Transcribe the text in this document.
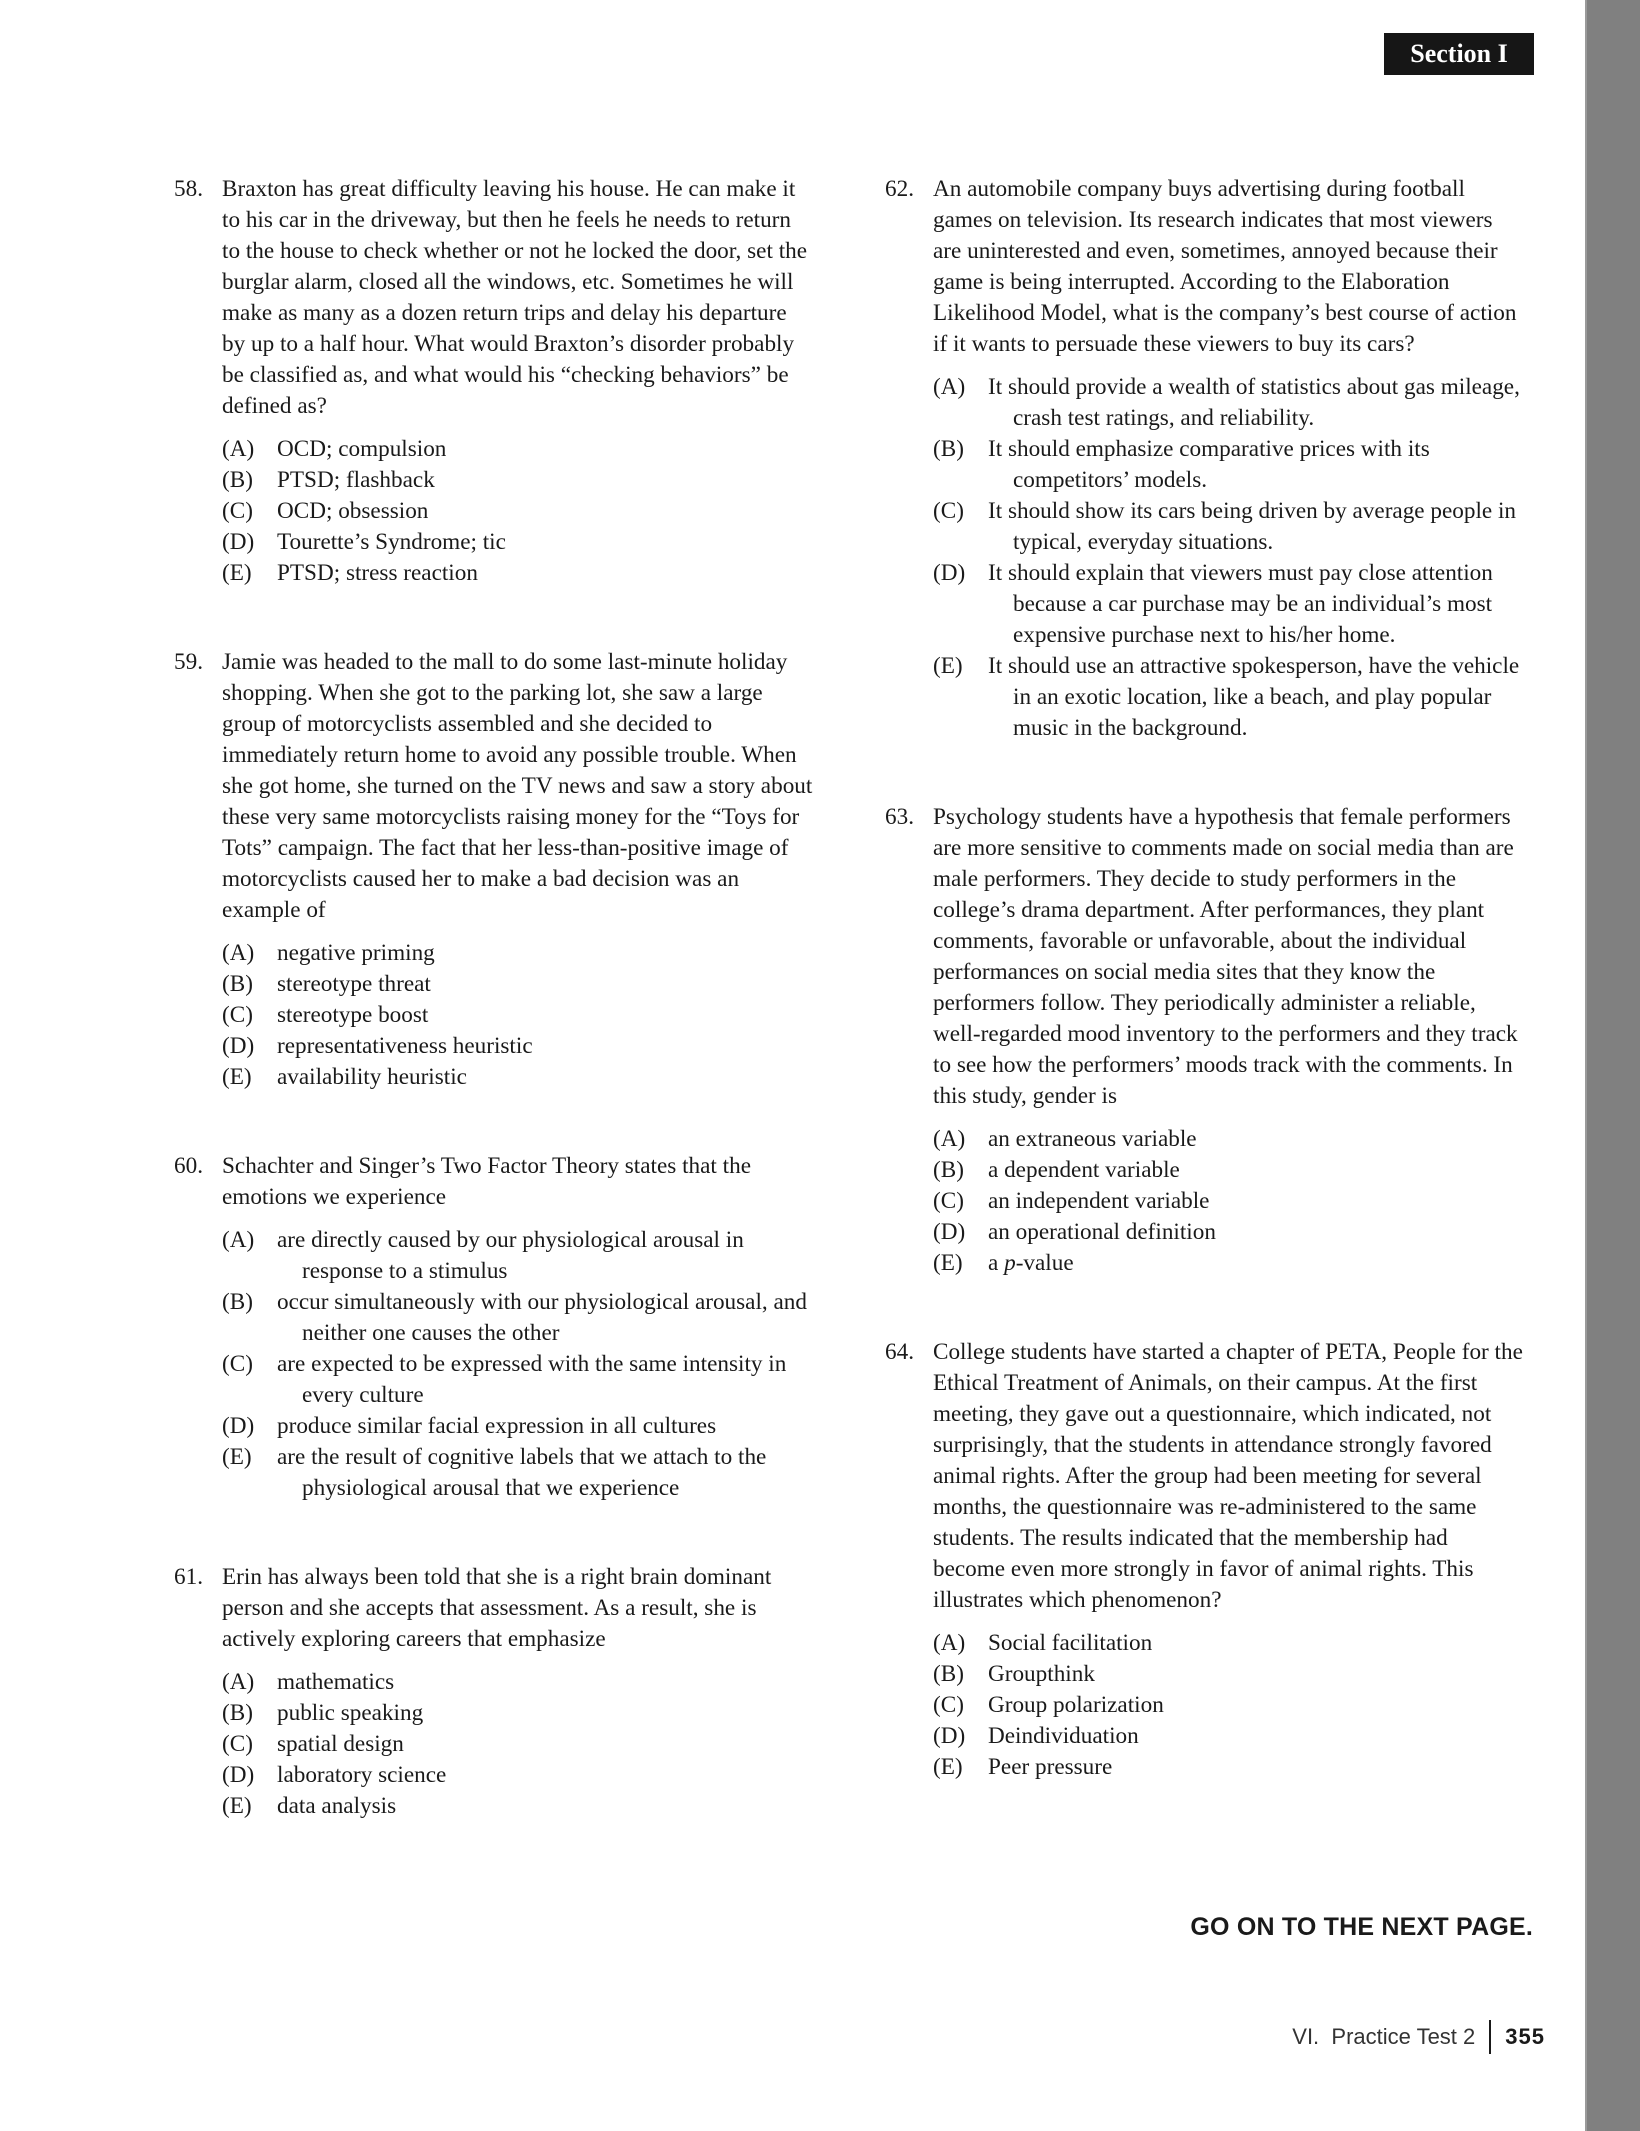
Section I
58. Braxton has great difficulty leaving his house. He can make it to his car in the driveway, but then he feels he needs to return to the house to check whether or not he locked the door, set the burglar alarm, closed all the windows, etc. Sometimes he will make as many as a dozen return trips and delay his departure by up to a half hour. What would Braxton’s disorder probably be classified as, and what would his “checking behaviors” be defined as?

(A) OCD; compulsion
(B) PTSD; flashback
(C) OCD; obsession
(D) Tourette’s Syndrome; tic
(E) PTSD; stress reaction
59. Jamie was headed to the mall to do some last-minute holiday shopping. When she got to the parking lot, she saw a large group of motorcyclists assembled and she decided to immediately return home to avoid any possible trouble. When she got home, she turned on the TV news and saw a story about these very same motorcyclists raising money for the “Toys for Tots” campaign. The fact that her less-than-positive image of motorcyclists caused her to make a bad decision was an example of

(A) negative priming
(B) stereotype threat
(C) stereotype boost
(D) representativeness heuristic
(E) availability heuristic
60. Schachter and Singer’s Two Factor Theory states that the emotions we experience

(A) are directly caused by our physiological arousal in response to a stimulus
(B) occur simultaneously with our physiological arousal, and neither one causes the other
(C) are expected to be expressed with the same intensity in every culture
(D) produce similar facial expression in all cultures
(E) are the result of cognitive labels that we attach to the physiological arousal that we experience
61. Erin has always been told that she is a right brain dominant person and she accepts that assessment. As a result, she is actively exploring careers that emphasize

(A) mathematics
(B) public speaking
(C) spatial design
(D) laboratory science
(E) data analysis
62. An automobile company buys advertising during football games on television. Its research indicates that most viewers are uninterested and even, sometimes, annoyed because their game is being interrupted. According to the Elaboration Likelihood Model, what is the company’s best course of action if it wants to persuade these viewers to buy its cars?

(A) It should provide a wealth of statistics about gas mileage, crash test ratings, and reliability.
(B) It should emphasize comparative prices with its competitors’ models.
(C) It should show its cars being driven by average people in typical, everyday situations.
(D) It should explain that viewers must pay close attention because a car purchase may be an individual’s most expensive purchase next to his/her home.
(E) It should use an attractive spokesperson, have the vehicle in an exotic location, like a beach, and play popular music in the background.
63. Psychology students have a hypothesis that female performers are more sensitive to comments made on social media than are male performers. They decide to study performers in the college’s drama department. After performances, they plant comments, favorable or unfavorable, about the individual performances on social media sites that they know the performers follow. They periodically administer a reliable, well-regarded mood inventory to the performers and they track to see how the performers’ moods track with the comments. In this study, gender is

(A) an extraneous variable
(B) a dependent variable
(C) an independent variable
(D) an operational definition
(E) a p-value
64. College students have started a chapter of PETA, People for the Ethical Treatment of Animals, on their campus. At the first meeting, they gave out a questionnaire, which indicated, not surprisingly, that the students in attendance strongly favored animal rights. After the group had been meeting for several months, the questionnaire was re-administered to the same students. The results indicated that the membership had become even more strongly in favor of animal rights. This illustrates which phenomenon?

(A) Social facilitation
(B) Groupthink
(C) Group polarization
(D) Deindividuation
(E) Peer pressure
GO ON TO THE NEXT PAGE.
VI.  Practice Test 2 355
